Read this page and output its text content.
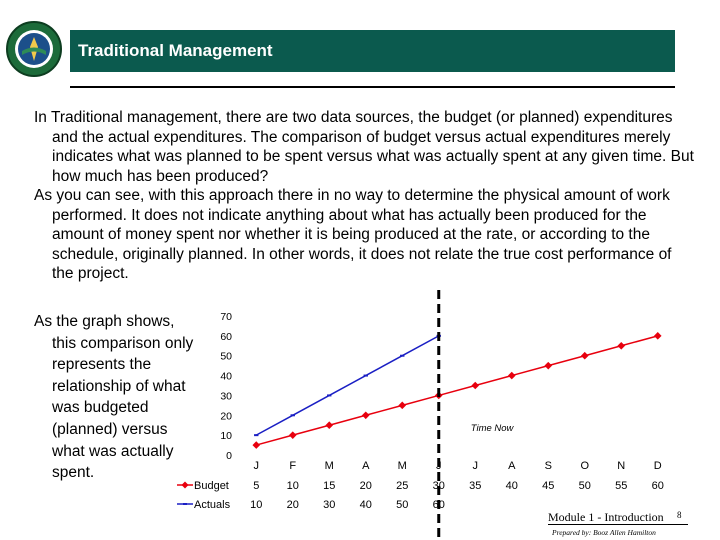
Traditional Management

In Traditional management, there are two data sources, the budget (or planned) expenditures and the actual expenditures. The comparison of budget versus actual expenditures merely indicates what was planned to be spent versus what was actually spent at any given time. But how much has been produced?

As you can see, with this approach there in no way to determine the physical amount of work performed. It does not indicate anything about what has actually been produced for the amount of money spent nor whether it is being produced at the rate, or according to the schedule, originally planned. In other words, it does not relate the true cost performance of the project.

As the graph shows,
this comparison only
represents the
relationship of what
was budgeted
(planned) versus
what was actually
spent.
0
10
20
30
40
50
60
70
Time Now
J	F	M	A	M	J	J	A	S	O	N	D
Budget 5 10 15 20 25 30 35 40 45 50 55 60
Actuals 10 20 30 40 50 60
Module 1 - Introduction 8
Prepared by: Booz Allen Hamilton
